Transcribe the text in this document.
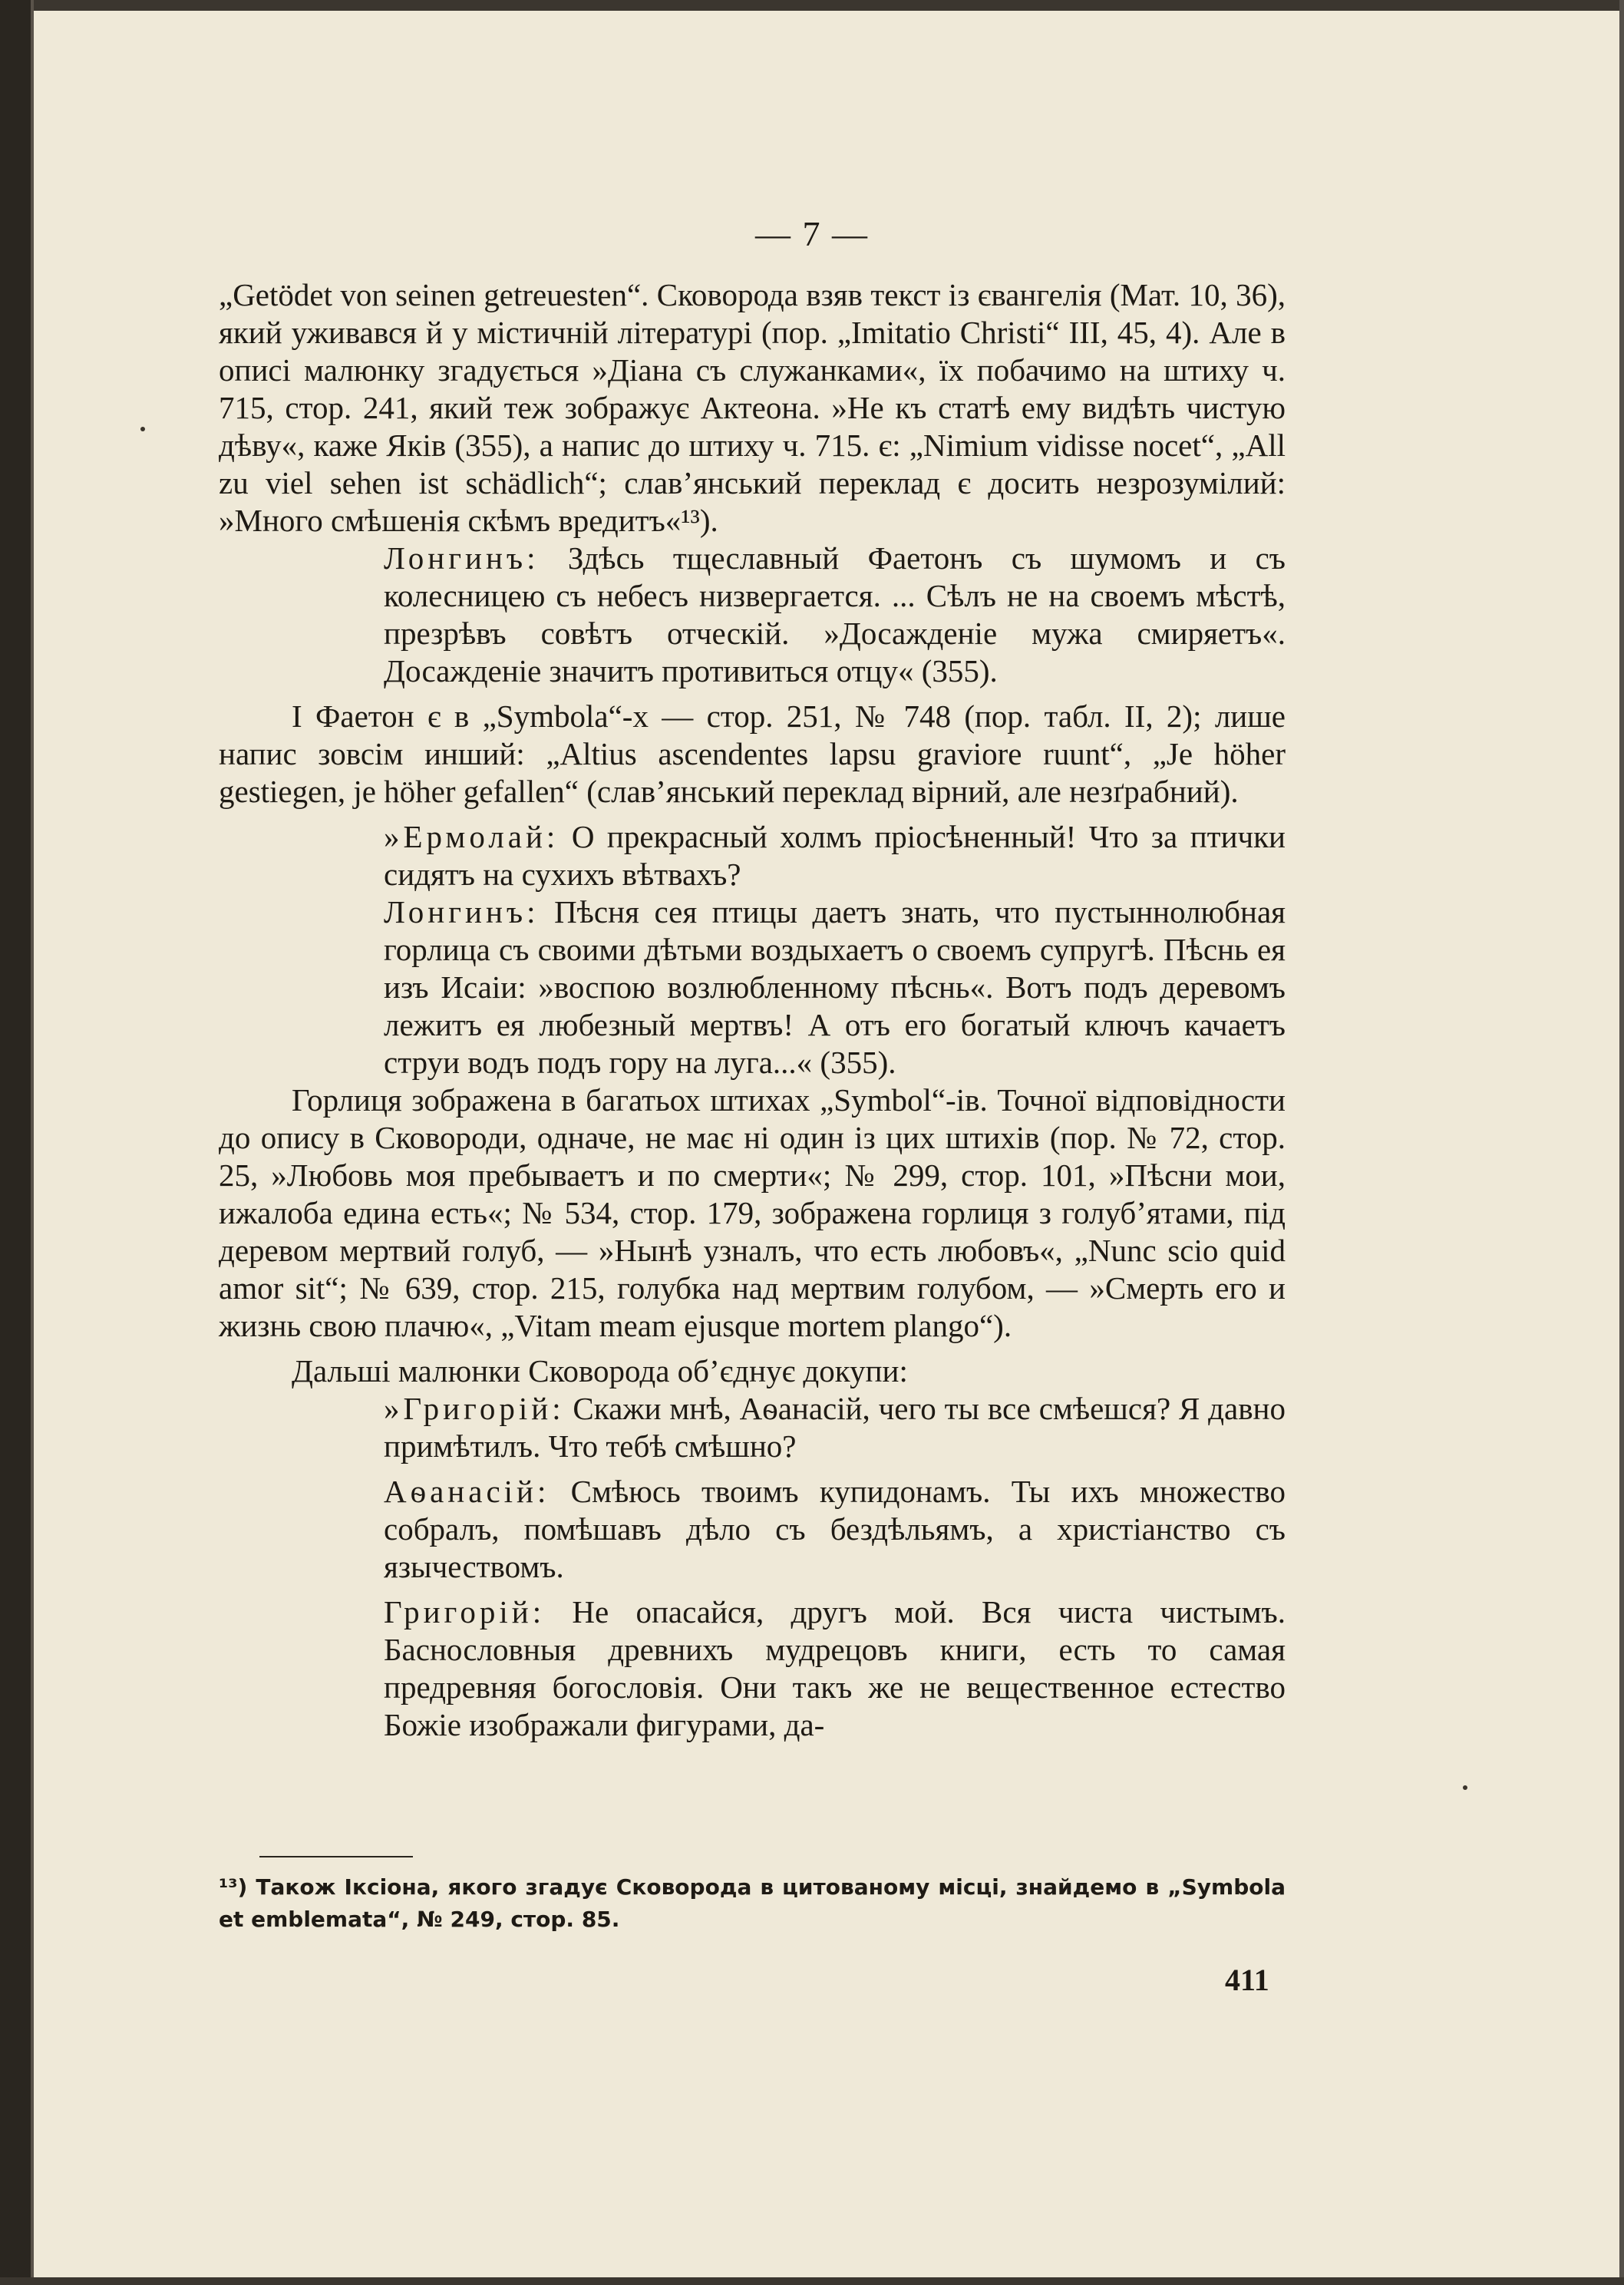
— 7 —

„Getödet von seinen getreuesten“. Сковорода взяв текст із євангелія (Мат. 10, 36), який уживався й у містичній літературі (пор. „Imitatio Christi“ III, 45, 4). Але в описі малюнку згадується »Діана съ служанками«, їх побачимо на штиху ч. 715, стор. 241, який теж зображує Актеона. »Не къ статѣ ему видѣть чистую дѣву«, каже Яків (355), а напис до штиху ч. 715. є: „Nimium vidisse nocet“, „All zu viel sehen ist schädlich“; слав’янський переклад є досить незрозумілий: »Много смѣшенія скѣмъ вредитъ«¹³).

Лонгинъ: Здѣсь тщеславный Фаетонъ съ шумомъ и съ колесницею съ небесъ низвергается. ... Сѣлъ не на своемъ мѣстѣ, презрѣвъ совѣтъ отческій. »Досажденіе мужа смиряетъ«. Досажденіе значитъ противиться отцу« (355).

І Фаетон є в „Symbola“-х — стор. 251, № 748 (пор. табл. II, 2); лише напис зовсім инший: „Altius ascendentes lapsu graviore ruunt“, „Je höher gestiegen, je höher gefallen“ (слав’янський переклад вірний, але незґрабний).

»Ермолай: О прекрасный холмъ пріосѣненный! Что за птички сидятъ на сухихъ вѣтвахъ?

Лонгинъ: Пѣсня сея птицы даетъ знать, что пустыннолюбная горлица съ своими дѣтьми воздыхаетъ о своемъ супругѣ. Пѣснь ея изъ Исаіи: »воспою возлюбленному пѣснь«. Вотъ подъ деревомъ лежитъ ея любезный мертвъ! А отъ его богатый ключъ качаетъ струи водъ подъ гору на луга...« (355).

Горлиця зображена в багатьох штихах „Symbol“-ів. Точної відповідности до опису в Сковороди, одначе, не має ні один із цих штихів (пор. № 72, стор. 25, »Любовь моя пребываетъ и по смерти«; № 299, стор. 101, »Пѣсни мои, ижалоба едина есть«; № 534, стор. 179, зображена горлиця з голуб’ятами, під деревом мертвий голуб, — »Нынѣ узналъ, что есть любовъ«, „Nunc scio quid amor sit“; № 639, стор. 215, голубка над мертвим голубом, — »Смерть его и жизнь свою плачю«, „Vitam meam ejusque mortem plango“).

Дальші малюнки Сковорода об’єднує докупи:

»Григорій: Скажи мнѣ, Аѳанасій, чего ты все смѣешся? Я давно примѣтилъ. Что тебѣ смѣшно?

Аѳанасій: Смѣюсь твоимъ купидонамъ. Ты ихъ множество собралъ, помѣшавъ дѣло съ бездѣльямъ, а христіанство съ язычествомъ.

Григорій: Не опасайся, другъ мой. Вся чиста чистымъ. Баснословныя древнихъ мудрецовъ книги, есть то самая предревняя богословія. Они такъ же не вещественное естество Божіе изображали фигурами, да-

¹³) Також Іксіона, якого згадує Сковорода в цитованому місці, знайдемо в „Symbola et emblemata“, № 249, стор. 85.
411
